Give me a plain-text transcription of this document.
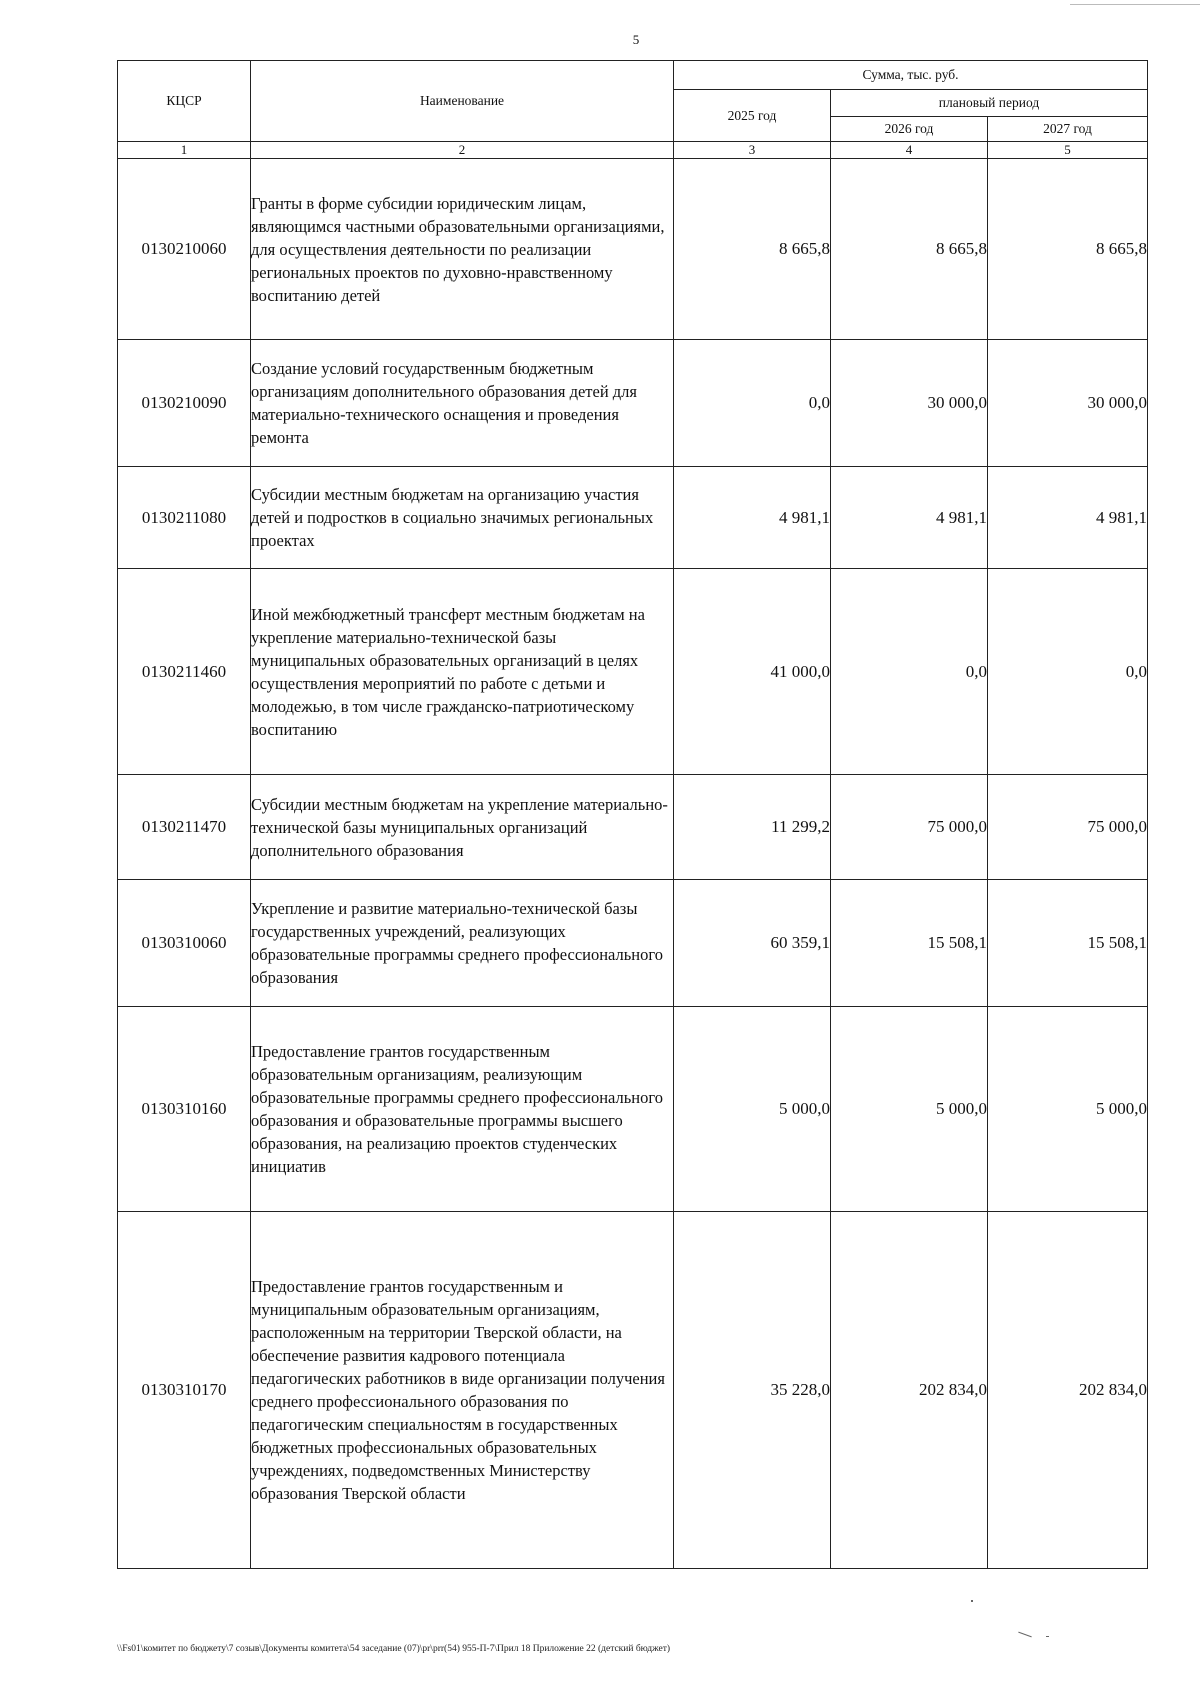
5
КЦСР	Наименование	Сумма, тыс. руб.		
		2025 год	плановый период	
			2026 год	2027 год
1	2	3	4	5
0130210060	Гранты в форме субсидии юридическим лицам, являющимся частными образовательными организациями, для осуществления деятельности по реализации региональных проектов по духовно-нравственному воспитанию детей	8 665,8	8 665,8	8 665,8
0130210090	Создание условий государственным бюджетным организациям дополнительного образования детей для материально-технического оснащения и проведения ремонта	0,0	30 000,0	30 000,0
0130211080	Субсидии местным бюджетам на организацию участия детей и подростков в социально значимых региональных проектах	4 981,1	4 981,1	4 981,1
0130211460	Иной межбюджетный трансферт местным бюджетам на укрепление материально-технической базы муниципальных образовательных организаций в целях осуществления мероприятий по работе с детьми и молодежью, в том числе гражданско-патриотическому воспитанию	41 000,0	0,0	0,0
0130211470	Субсидии местным бюджетам на укрепление материально-технической базы муниципальных организаций дополнительного образования	11 299,2	75 000,0	75 000,0
0130310060	Укрепление и развитие материально-технической базы государственных учреждений, реализующих образовательные программы среднего профессионального образования	60 359,1	15 508,1	15 508,1
0130310160	Предоставление грантов государственным образовательным организациям, реализующим образовательные программы среднего профессионального образования и образовательные программы высшего образования, на реализацию проектов студенческих инициатив	5 000,0	5 000,0	5 000,0
0130310170	Предоставление грантов государственным и муниципальным образовательным организациям, расположенным на территории Тверской области, на обеспечение развития кадрового потенциала педагогических работников в виде организации получения среднего профессионального образования по педагогическим специальностям в государственных бюджетных профессиональных образовательных учреждениях, подведомственных Министерству образования Тверской области	35 228,0	202 834,0	202 834,0
\\Fs01\комитет по бюджету\7 созыв\Документы комитета\54 заседание (07)\pr\prr(54) 955-П-7\Прил 18 Приложение 22 (детский бюджет)
